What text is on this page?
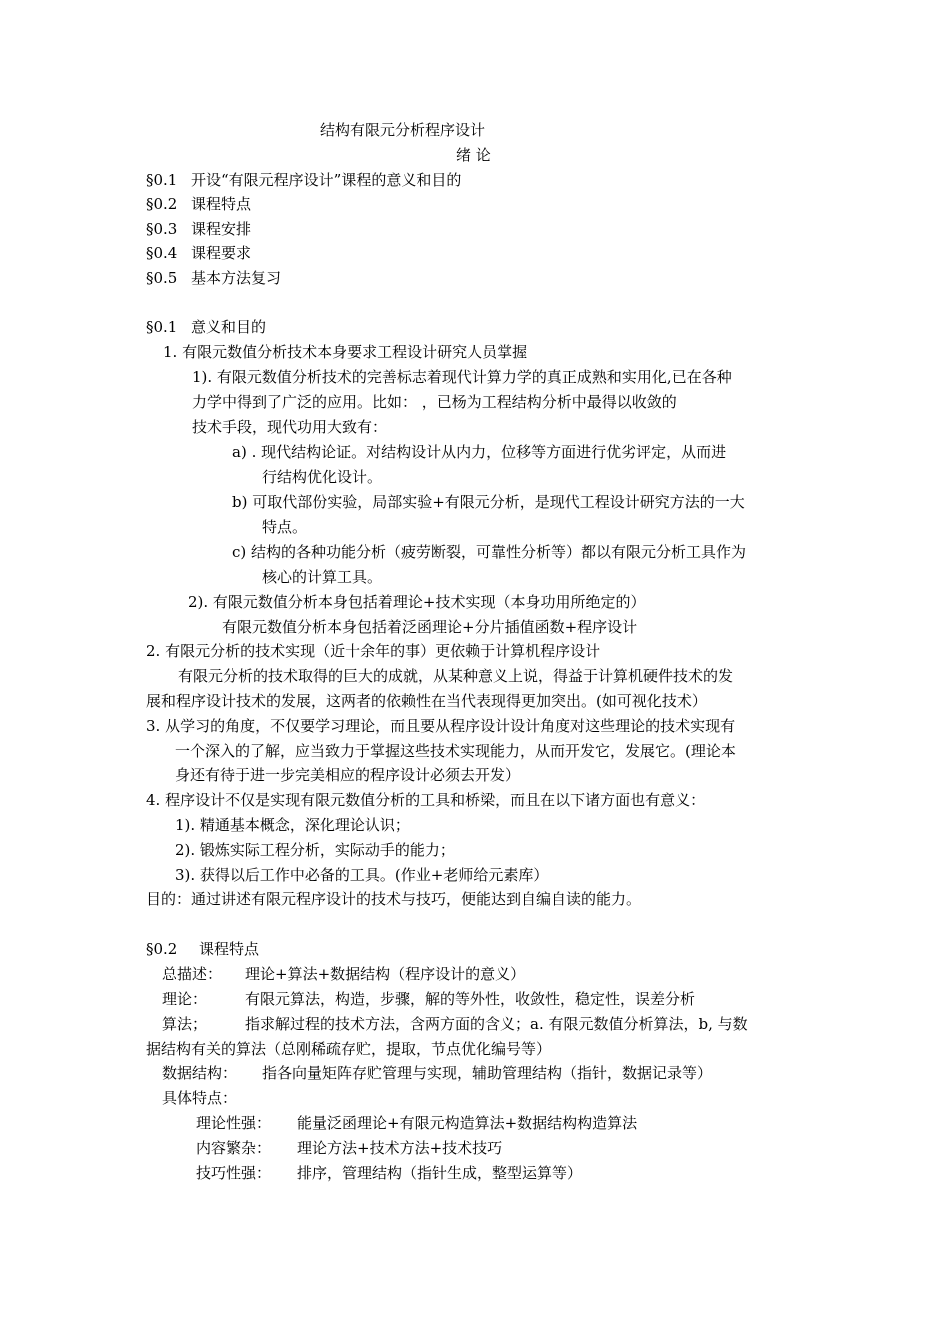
结构有限元分析程序设计
绪 论
§0.1 开设“有限元程序设计”课程的意义和目的
§0.2 课程特点
§0.3 课程安排
§0.4 课程要求
§0.5 基本方法复习
§0.1 意义和目的
1. 有限元数值分析技术本身要求工程设计研究人员掌握
1). 有限元数值分析技术的完善标志着现代计算力学的真正成熟和实用化,已在各种
力学中得到了广泛的应用。比如： ，已杨为工程结构分析中最得以收敛的
技术手段，现代功用大致有：
a) . 现代结构论证。对结构设计从内力，位移等方面进行优劣评定，从而进
行结构优化设计。
b) 可取代部份实验，局部实验+有限元分析，是现代工程设计研究方法的一大
特点。
c) 结构的各种功能分析（疲劳断裂，可靠性分析等）都以有限元分析工具作为
核心的计算工具。
2). 有限元数值分析本身包括着理论+技术实现（本身功用所绝定的）
有限元数值分析本身包括着泛函理论+分片插值函数+程序设计
2. 有限元分析的技术实现（近十余年的事）更依赖于计算机程序设计
有限元分析的技术取得的巨大的成就，从某种意义上说，得益于计算机硬件技术的发
展和程序设计技术的发展，这两者的依赖性在当代表现得更加突出。(如可视化技术）
3. 从学习的角度，不仅要学习理论，而且要从程序设计设计角度对这些理论的技术实现有
一个深入的了解，应当致力于掌握这些技术实现能力，从而开发它，发展它。(理论本
身还有待于进一步完美相应的程序设计必须去开发）
4. 程序设计不仅是实现有限元数值分析的工具和桥梁，而且在以下诸方面也有意义：
1). 精通基本概念，深化理论认识；
2). 锻炼实际工程分析，实际动手的能力；
3). 获得以后工作中必备的工具。(作业+老师给元素库）
目的：通过讲述有限元程序设计的技术与技巧，便能达到自编自读的能力。
§0.2 课程特点
总描述： 理论+算法+数据结构（程序设计的意义）
理论：	有限元算法，构造，步骤，解的等外性，收敛性，稳定性，误差分析
算法；	指求解过程的技术方法，含两方面的含义；a. 有限元数值分析算法，b, 与数
据结构有关的算法（总刚稀疏存贮，提取，节点优化编号等）
数据结构： 指各向量矩阵存贮管理与实现，辅助管理结构（指针，数据记录等）
具体特点：
理论性强： 能量泛函理论+有限元构造算法+数据结构构造算法
内容繁杂： 理论方法+技术方法+技术技巧
技巧性强： 排序，管理结构（指针生成，整型运算等）
